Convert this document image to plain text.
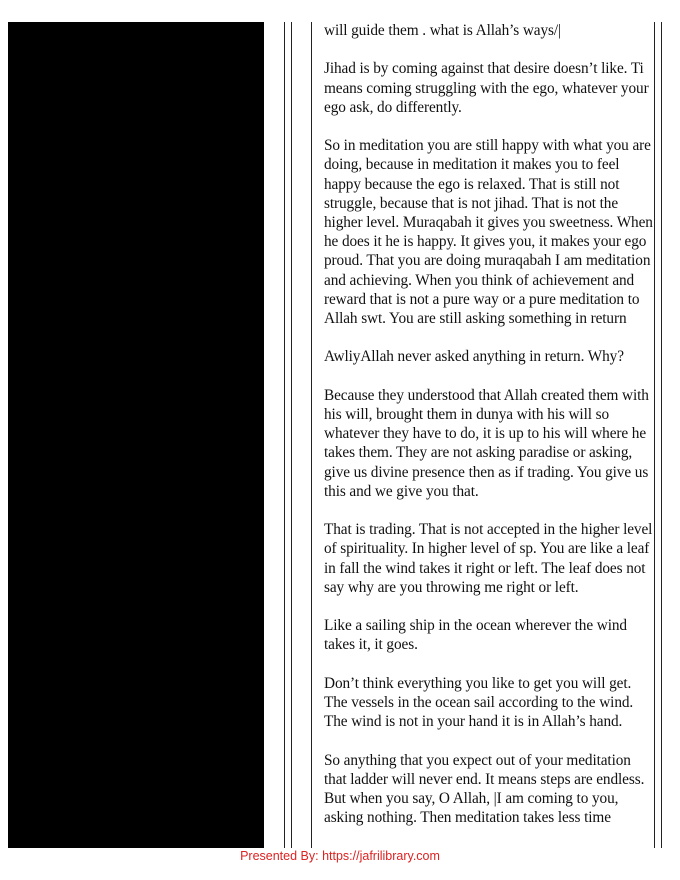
will guide them . what is Allah’s ways/|

Jihad is by coming against that desire doesn’t like. Ti means coming struggling with the ego, whatever your ego ask, do differently.

So in meditation you are still happy with what you are doing, because in meditation it makes you to feel happy because the ego is relaxed. That is still not struggle, because that is not jihad. That is not the higher level. Muraqabah it gives you sweetness. When he does it he is happy. It gives you, it makes your ego proud. That you are doing muraqabah I am meditation and achieving. When you think of achievement and reward that is not a pure way or a pure meditation to Allah swt. You are still asking something in return

AwliyAllah never asked anything in return. Why?

Because they understood that Allah created them with his will, brought them in dunya with his will so whatever they have to do, it is up to his will where he takes them. They are not asking paradise or asking, give us divine presence then as if trading. You give us this and we give you that.

That is trading. That is not accepted in the higher level of spirituality. In higher level of sp. You are like a leaf in fall the wind takes it right or left. The leaf does not say why are you throwing me right or left.

Like a sailing ship in the ocean wherever the wind takes it, it goes.

Don’t think everything you like to get you will get. The vessels in the ocean sail according to the wind. The wind is not in your hand it is in Allah’s hand.

So anything that you expect out of your meditation that ladder will never end. It means steps are endless. But when you say, O Allah, |I am coming to you, asking nothing. Then meditation takes less time

Presented By: https://jafrilibrary.com
